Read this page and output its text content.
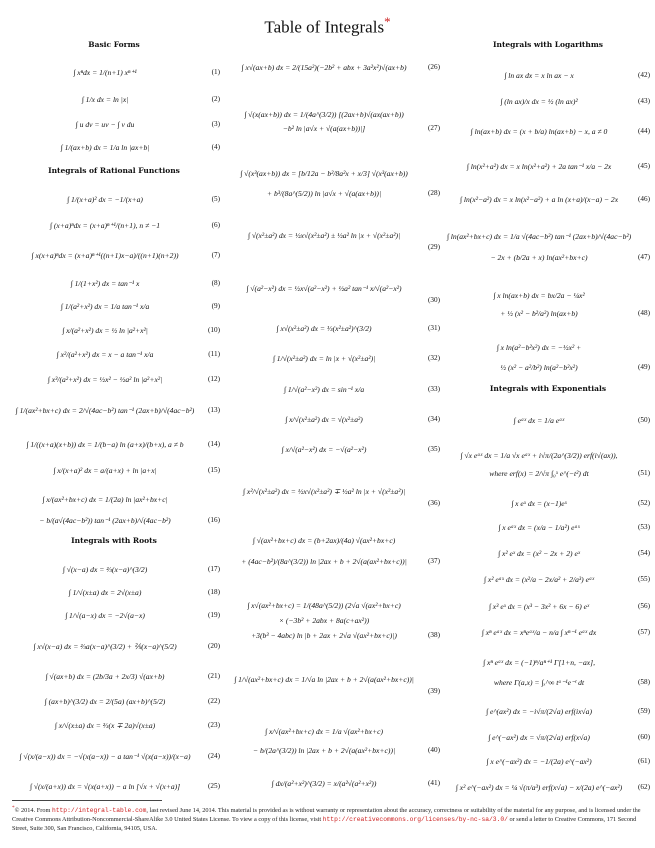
Table of Integrals*
Basic Forms
∫ xⁿdx = 1/(n+1) xⁿ⁺¹	(1)
∫ 1/x dx = ln |x|	(2)
∫ u dv = uv − ∫ v du	(3)
∫ 1/(ax+b) dx = 1/a ln |ax+b|	(4)
Integrals of Rational Functions
∫ 1/(x+a)² dx = −1/(x+a)	(5)
∫ (x+a)ⁿdx = (x+a)ⁿ⁺¹/(n+1), n ≠ −1	(6)
∫ x(x+a)ⁿdx = (x+a)ⁿ⁺¹((n+1)x−a)/((n+1)(n+2))	(7)
∫ 1/(1+x²) dx = tan⁻¹ x	(8)
∫ 1/(a²+x²) dx = 1/a tan⁻¹ x/a	(9)
∫ x/(a²+x²) dx = ½ ln |a²+x²|	(10)
∫ x²/(a²+x²) dx = x − a tan⁻¹ x/a	(11)
∫ x³/(a²+x²) dx = ½x² − ½a² ln |a²+x²|	(12)
∫ 1/(ax²+bx+c) dx = 2/√(4ac−b²) tan⁻¹ (2ax+b)/√(4ac−b²)	(13)
∫ 1/((x+a)(x+b)) dx = 1/(b−a) ln (a+x)/(b+x), a ≠ b	(14)
∫ x/(x+a)² dx = a/(a+x) + ln |a+x|	(15)
∫ x/(ax²+bx+c) dx = 1/(2a) ln |ax²+bx+c|
− b/(a√(4ac−b²)) tan⁻¹ (2ax+b)/√(4ac−b²)	(16)
Integrals with Roots
∫ √(x−a) dx = ⅔(x−a)^(3/2)	(17)
∫ 1/√(x±a) dx = 2√(x±a)	(18)
∫ 1/√(a−x) dx = −2√(a−x)	(19)
∫ x√(x−a) dx = ⅔a(x−a)^(3/2) + ⅖(x−a)^(5/2)	(20)
∫ √(ax+b) dx = (2b/3a + 2x/3) √(ax+b)	(21)
∫ (ax+b)^(3/2) dx = 2/(5a) (ax+b)^(5/2)	(22)
∫ x/√(x±a) dx = ⅔(x ∓ 2a)√(x±a)	(23)
∫ √(x/(a−x)) dx = −√(x(a−x)) − a tan⁻¹ √(x(a−x))/(x−a)	(24)
∫ √(x/(a+x)) dx = √(x(a+x)) − a ln [√x + √(x+a)]	(25)
∫ x√(ax+b) dx = 2/(15a²)(−2b² + abx + 3a²x²)√(ax+b)	(26)
∫ √(x(ax+b)) dx = 1/(4a^(3/2)) [(2ax+b)√(ax(ax+b))
−b² ln |a√x + √(a(ax+b))|]	(27)
∫ √(x³(ax+b)) dx = [b/12a − b²/8a²x + x/3] √(x³(ax+b))
+ b³/(8a^(5/2)) ln |a√x + √(a(ax+b))|	(28)
∫ √(x²±a²) dx = ½x√(x²±a²) ± ½a² ln |x + √(x²±a²)|
(29)
∫ √(a²−x²) dx = ½x√(a²−x²) + ½a² tan⁻¹ x/√(a²−x²)
(30)
∫ x√(x²±a²) dx = ⅓(x²±a²)^(3/2)	(31)
∫ 1/√(x²±a²) dx = ln |x + √(x²±a²)|	(32)
∫ 1/√(a²−x²) dx = sin⁻¹ x/a	(33)
∫ x/√(x²±a²) dx = √(x²±a²)	(34)
∫ x/√(a²−x²) dx = −√(a²−x²)	(35)
∫ x²/√(x²±a²) dx = ½x√(x²±a²) ∓ ½a² ln |x + √(x²±a²)|
(36)
∫ √(ax²+bx+c) dx = (b+2ax)/(4a) √(ax²+bx+c)
+ (4ac−b²)/(8a^(3/2)) ln |2ax + b + 2√(a(ax²+bx+c))|	(37)
∫ x√(ax²+bx+c) = 1/(48a^(5/2)) (2√a √(ax²+bx+c)
× (−3b² + 2abx + 8a(c+ax²))
+3(b³ − 4abc) ln |b + 2ax + 2√a √(ax²+bx+c)|)	(38)
∫ 1/√(ax²+bx+c) dx = 1/√a ln |2ax + b + 2√(a(ax²+bx+c))|
(39)
∫ x/√(ax²+bx+c) dx = 1/a √(ax²+bx+c)
− b/(2a^(3/2)) ln |2ax + b + 2√(a(ax²+bx+c))|	(40)
∫ dx/(a²+x²)^(3/2) = x/(a²√(a²+x²))	(41)
Integrals with Logarithms
∫ ln ax dx = x ln ax − x	(42)
∫ (ln ax)/x dx = ½ (ln ax)²	(43)
∫ ln(ax+b) dx = (x + b/a) ln(ax+b) − x, a ≠ 0	(44)
∫ ln(x²+a²) dx = x ln(x²+a²) + 2a tan⁻¹ x/a − 2x	(45)
∫ ln(x²−a²) dx = x ln(x²−a²) + a ln (x+a)/(x−a) − 2x	(46)
∫ ln(ax²+bx+c) dx = 1/a √(4ac−b²) tan⁻¹ (2ax+b)/√(4ac−b²)
− 2x + (b/2a + x) ln(ax²+bx+c)	(47)
∫ x ln(ax+b) dx = bx/2a − ¼x²
+ ½ (x² − b²/a²) ln(ax+b)	(48)
∫ x ln(a²−b²x²) dx = −½x² +
½ (x² − a²/b²) ln(a²−b²x²)	(49)
Integrals with Exponentials
∫ eᵃˣ dx = 1/a eᵃˣ	(50)
∫ √x eᵃˣ dx = 1/a √x eᵃˣ + i√π/(2a^(3/2)) erf(i√(ax)),
where erf(x) = 2/√π ∫₀ˣ e^(−t²) dt	(51)
∫ x eˣ dx = (x−1)eˣ	(52)
∫ x eᵃˣ dx = (x/a − 1/a²) eᵃˣ	(53)
∫ x² eˣ dx = (x² − 2x + 2) eˣ	(54)
∫ x² eᵃˣ dx = (x²/a − 2x/a² + 2/a³) eᵃˣ	(55)
∫ x³ eˣ dx = (x³ − 3x² + 6x − 6) eˣ	(56)
∫ xⁿ eᵃˣ dx = xⁿeᵃˣ/a − n/a ∫ xⁿ⁻¹ eᵃˣ dx	(57)
∫ xⁿ eᵃˣ dx = (−1)ⁿ/aⁿ⁺¹ Γ[1+n, −ax],
where Γ(a,x) = ∫ₓ^∞ tᵃ⁻¹e⁻ᵗ dt	(58)
∫ e^(ax²) dx = −i√π/(2√a) erf(ix√a)	(59)
∫ e^(−ax²) dx = √π/(2√a) erf(x√a)	(60)
∫ x e^(−ax²) dx = −1/(2a) e^(−ax²)	(61)
∫ x² e^(−ax²) dx = ¼ √(π/a³) erf(x√a) − x/(2a) e^(−ax²)	(62)
*© 2014. From http://integral-table.com, last revised June 14, 2014. This material is provided as is without warranty or representation about the accuracy, correctness or suitability of the material for any purpose, and is licensed under the Creative Commons Attribution-Noncommercial-ShareAlike 3.0 United States License. To view a copy of this license, visit http://creativecommons.org/licenses/by-nc-sa/3.0/ or send a letter to Creative Commons, 171 Second Street, Suite 300, San Francisco, California, 94105, USA.
